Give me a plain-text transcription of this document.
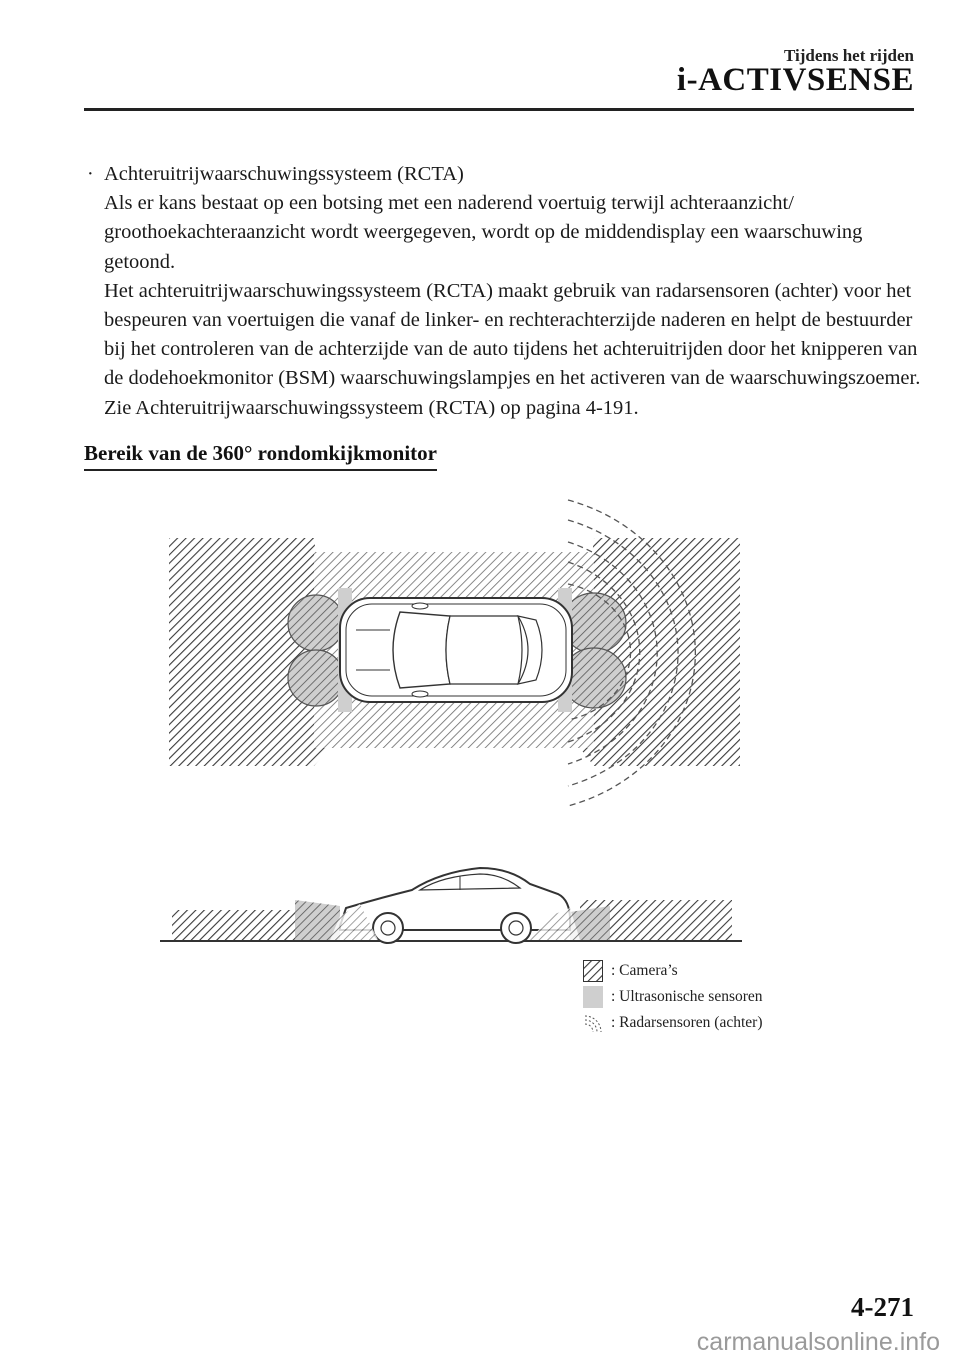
Tijdens het rijden
i-ACTIVSENSE
· Achteruitrijwaarschuwingssysteem (RCTA)

Als er kans bestaat op een botsing met een naderend voertuig terwijl achteraanzicht/ groothoekachteraanzicht wordt weergegeven, wordt op de middendisplay een waarschuwing getoond.

Het achteruitrijwaarschuwingssysteem (RCTA) maakt gebruik van radarsensoren (achter) voor het bespeuren van voertuigen die vanaf de linker- en rechterachterzijde naderen en helpt de bestuurder bij het controleren van de achterzijde van de auto tijdens het achteruitrijden door het knipperen van de dodehoekmonitor (BSM) waarschuwingslampjes en het activeren van de waarschuwingszoemer.

Zie Achteruitrijwaarschuwingssysteem (RCTA) op pagina 4-191.

Bereik van de 360° rondomkijkmonitor
: Camera’s
: Ultrasonische sensoren
: Radarsensoren (achter)
4-271
carmanualsonline.info
